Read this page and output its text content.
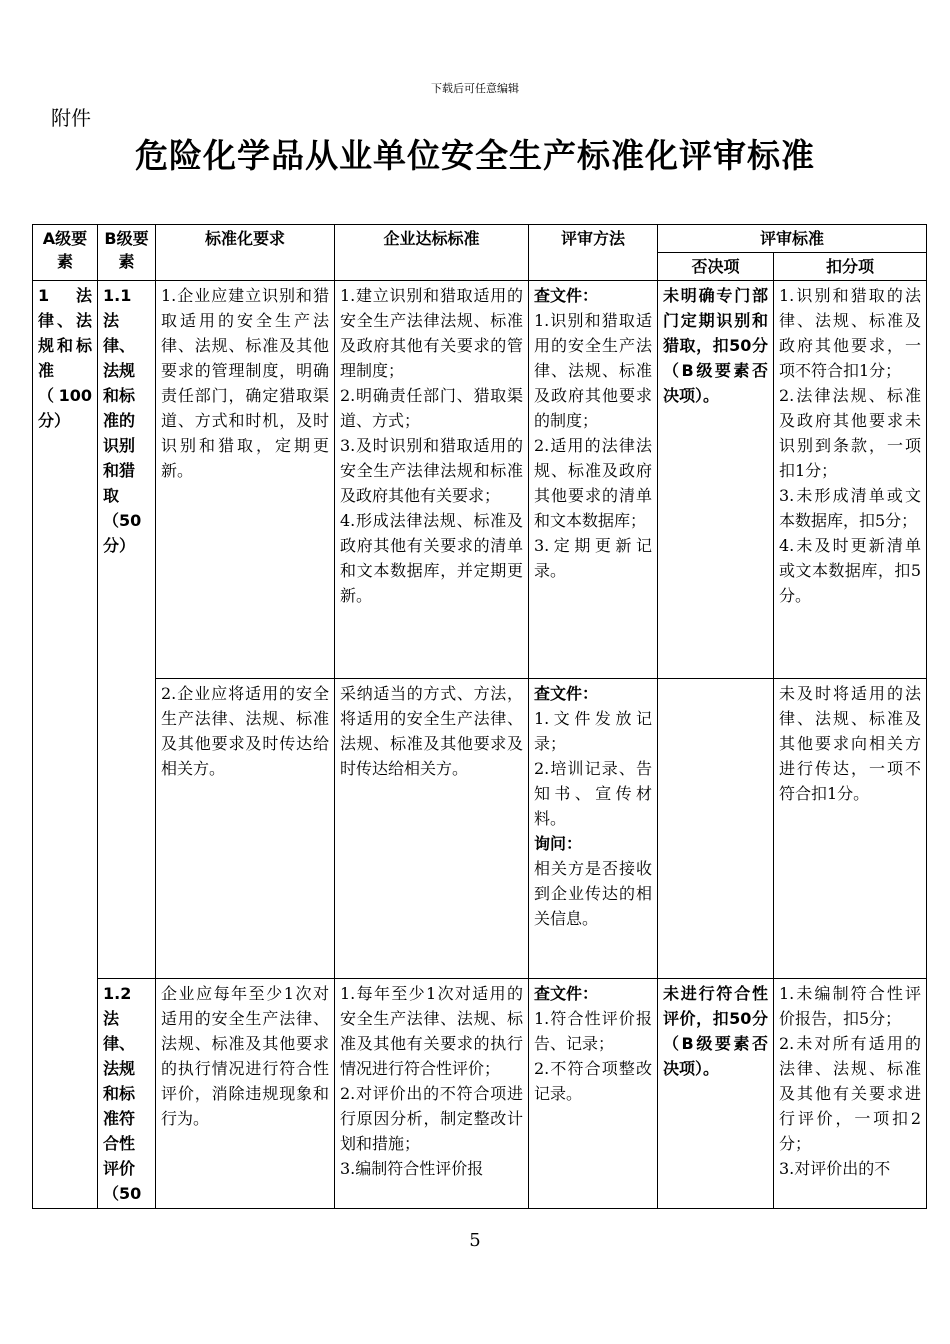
下载后可任意编辑
附件
危险化学品从业单位安全生产标准化评审标准
A级要素	B级要素	标准化要求	企业达标标准	评审方法	评审标准	
					否决项	扣分项
1 法律、法规和标准（100分）	1.1 法律、法规和标准的识别和猎取（50分）	1.企业应建立识别和猎取适用的安全生产法律、法规、标准及其他要求的管理制度，明确责任部门，确定猎取渠道、方式和时机，及时识别和猎取，定期更新。	1.建立识别和猎取适用的安全生产法律法规、标准及政府其他有关要求的管理制度；
2.明确责任部门、猎取渠道、方式；
3.及时识别和猎取适用的安全生产法律法规和标准及政府其他有关要求；
4.形成法律法规、标准及政府其他有关要求的清单和文本数据库，并定期更新。	查文件：
1.识别和猎取适用的安全生产法律、法规、标准及政府其他要求的制度；
2.适用的法律法规、标准及政府其他要求的清单和文本数据库；
3.定期更新记录。	未明确专门部门定期识别和猎取，扣50分（B级要素否决项）。	1.识别和猎取的法律、法规、标准及政府其他要求，一项不符合扣1分；
2.法律法规、标准及政府其他要求未识别到条款，一项扣1分；
3.未形成清单或文本数据库，扣5分；
4.未及时更新清单或文本数据库，扣5分。

		2.企业应将适用的安全生产法律、法规、标准及其他要求及时传达给相关方。	采纳适当的方式、方法，将适用的安全生产法律、法规、标准及其他要求及时传达给相关方。	查文件：
1.文件发放记录；
2.培训记录、告知书、宣传材料。
询问：
相关方是否接收到企业传达的相关信息。		未及时将适用的法律、法规、标准及其他要求向相关方进行传达，一项不符合扣1分。

	1.2 法律、法规和标准符合性评价（50	企业应每年至少1次对适用的安全生产法律、法规、标准及其他要求的执行情况进行符合性评价，消除违规现象和行为。	1.每年至少1次对适用的安全生产法律、法规、标准及其他有关要求的执行情况进行符合性评价；
2.对评价出的不符合项进行原因分析，制定整改计划和措施；
3.编制符合性评价报	查文件：
1.符合性评价报告、记录；
2.不符合项整改记录。	未进行符合性评价，扣50分（B级要素否决项）。	1.未编制符合性评价报告，扣5分；
2.未对所有适用的法律、法规、标准及其他有关要求进行评价，一项扣2分；
3.对评价出的不
5
